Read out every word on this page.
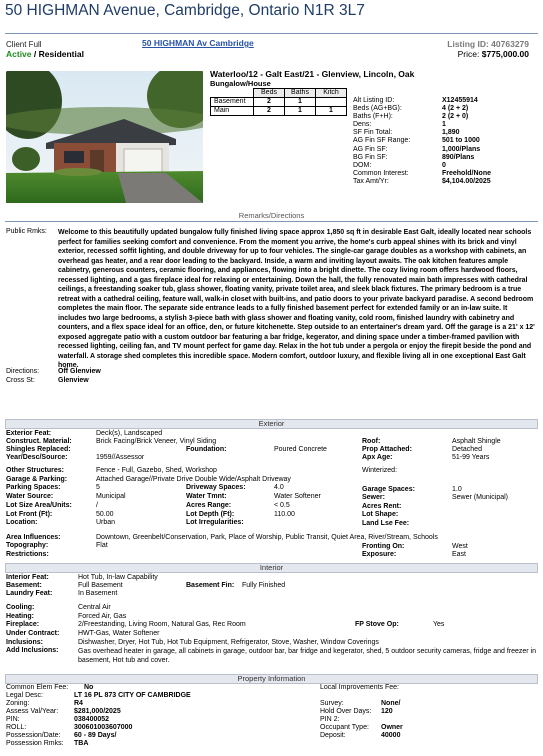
50 HIGHMAN Avenue, Cambridge, Ontario N1R 3L7
Client Full
Active / Residential
50 HIGHMAN Av Cambridge	Listing ID: 40763279
Price: $775,000.00
Waterloo/12 - Galt East/21 - Glenview, Lincoln, Oak
Bungalow/House
	Beds	Baths	Kitch
Basement	2	1	
Main	2	1	1
Alt Listing ID:	X12455914
Beds (AG+BG):	4 (2 + 2)
Baths (F+H):	2 (2 + 0)
Dens:	1
SF Fin Total:	1,890
AG Fin SF Range:	501 to 1000
AG Fin SF:	1,000/Plans
BG Fin SF:	890/Plans
DOM:	0
Common Interest:	Freehold/None
Tax Amt/Yr:	$4,104.00/2025
Remarks/Directions
Public Rmks:	Welcome to this beautifully updated bungalow fully finished living space approx 1,850 sq ft in desirable East Galt, ideally located near schools perfect for families seeking comfort and convenience. From the moment you arrive, the home's curb appeal shines with its brick and vinyl exterior, recessed soffit lighting, and double driveway for up to four vehicles. The single-car garage doubles as a workshop with cabinets, an overhead gas heater, and a rear door leading to the backyard. Inside, a warm and inviting layout awaits. The oak kitchen features ample cabinetry, generous counters, ceramic flooring, and appliances, flowing into a bright dinette. The cozy living room offers hardwood floors, recessed lighting, and a gas fireplace ideal for relaxing or entertaining. Down the hall, the fully renovated main bath impresses with cathedral ceilings, a freestanding soaker tub, glass shower, floating vanity, private toilet area, and sleek black fixtures. The primary bedroom is a true retreat with a cathedral ceiling, feature wall, walk-in closet with built-ins, and patio doors to your private backyard paradise. A second bedroom completes the main floor. The separate side entrance leads to a fully finished basement perfect for extended family or an in-law suite. It includes two large bedrooms, a stylish 3-piece bath with glass shower and floating vanity, cold room, finished laundry with cabinetry and counters, and a flex space ideal for an office, den, or future kitchenette. Step outside to an entertainer's dream yard. Off the garage is a 21' x 12' exposed aggregate patio with a custom outdoor bar featuring a bar fridge, kegerator, and dining space under a timber-framed pavilion with recessed lighting, ceiling fan, and TV mount perfect for game day. Relax in the hot tub under a pergola or enjoy the firepit beside the pond and waterfall. A storage shed completes this incredible space. Modern comfort, outdoor luxury, and flexible living all in one exceptional East Galt home.
Directions:	Off Glenview
Cross St:	Glenview
Exterior
Exterior Feat:	Deck(s), Landscaped
Construct. Material:	Brick Facing/Brick Veneer, Vinyl Siding	Roof:	Asphalt Shingle
Shingles Replaced:	Foundation:	Poured Concrete	Prop Attached:	Detached
Year/Desc/Source:	1959//Assessor	Apx Age:	51-99 Years
Other Structures:	Fence - Full, Gazebo, Shed, Workshop	Winterized:
Garage & Parking:	Attached Garage//Private Drive Double Wide/Asphalt Driveway
Parking Spaces:	5	Driveway Spaces:	4.0	Garage Spaces:	1.0
Water Source:	Municipal	Water Tmnt:	Water Softener	Sewer:	Sewer (Municipal)
Lot Size Area/Units:	/	Acres Range:	< 0.5	Acres Rent:
Lot Front (Ft):	50.00	Lot Depth (Ft):	110.00	Lot Shape:
Location:	Urban	Lot Irregularities:	Land Lse Fee:
Area Influences:	Downtown, Greenbelt/Conservation, Park, Place of Worship, Public Transit, Quiet Area, River/Stream, Schools
Topography:	Flat	Fronting On:	West
Restrictions:	Exposure:	East
Interior
Interior Feat:	Hot Tub, In-law Capability
Basement:	Full Basement	Basement Fin: Fully Finished
Laundry Feat:	In Basement
Cooling:	Central Air
Heating:	Forced Air, Gas
Fireplace:	2/Freestanding, Living Room, Natural Gas, Rec Room	FP Stove Op:	Yes
Under Contract:	HWT-Gas, Water Softener
Inclusions:	Dishwasher, Dryer, Hot Tub, Hot Tub Equipment, Refrigerator, Stove, Washer, Window Coverings
Add Inclusions:	Gas overhead heater in garage, all cabinets in garage, outdoor bar, bar fridge and kegerator, shed, 5 outdoor security cameras, fridge and freezer in basement, Hot tub and cover.
Property Information
Common Elem Fee: No	Local Improvements Fee:
Legal Desc:	LT 16 PL 873 CITY OF CAMBRIDGE
Zoning:	R4	Survey:	None/
Assess Val/Year: $281,000/2025	Hold Over Days: 120
PIN:	038400052	PIN 2:
ROLL:	300601003607000	Occupant Type: Owner
Possession/Date: 60 - 89 Days/	Deposit:	40000
Possession Rmks: TBA
